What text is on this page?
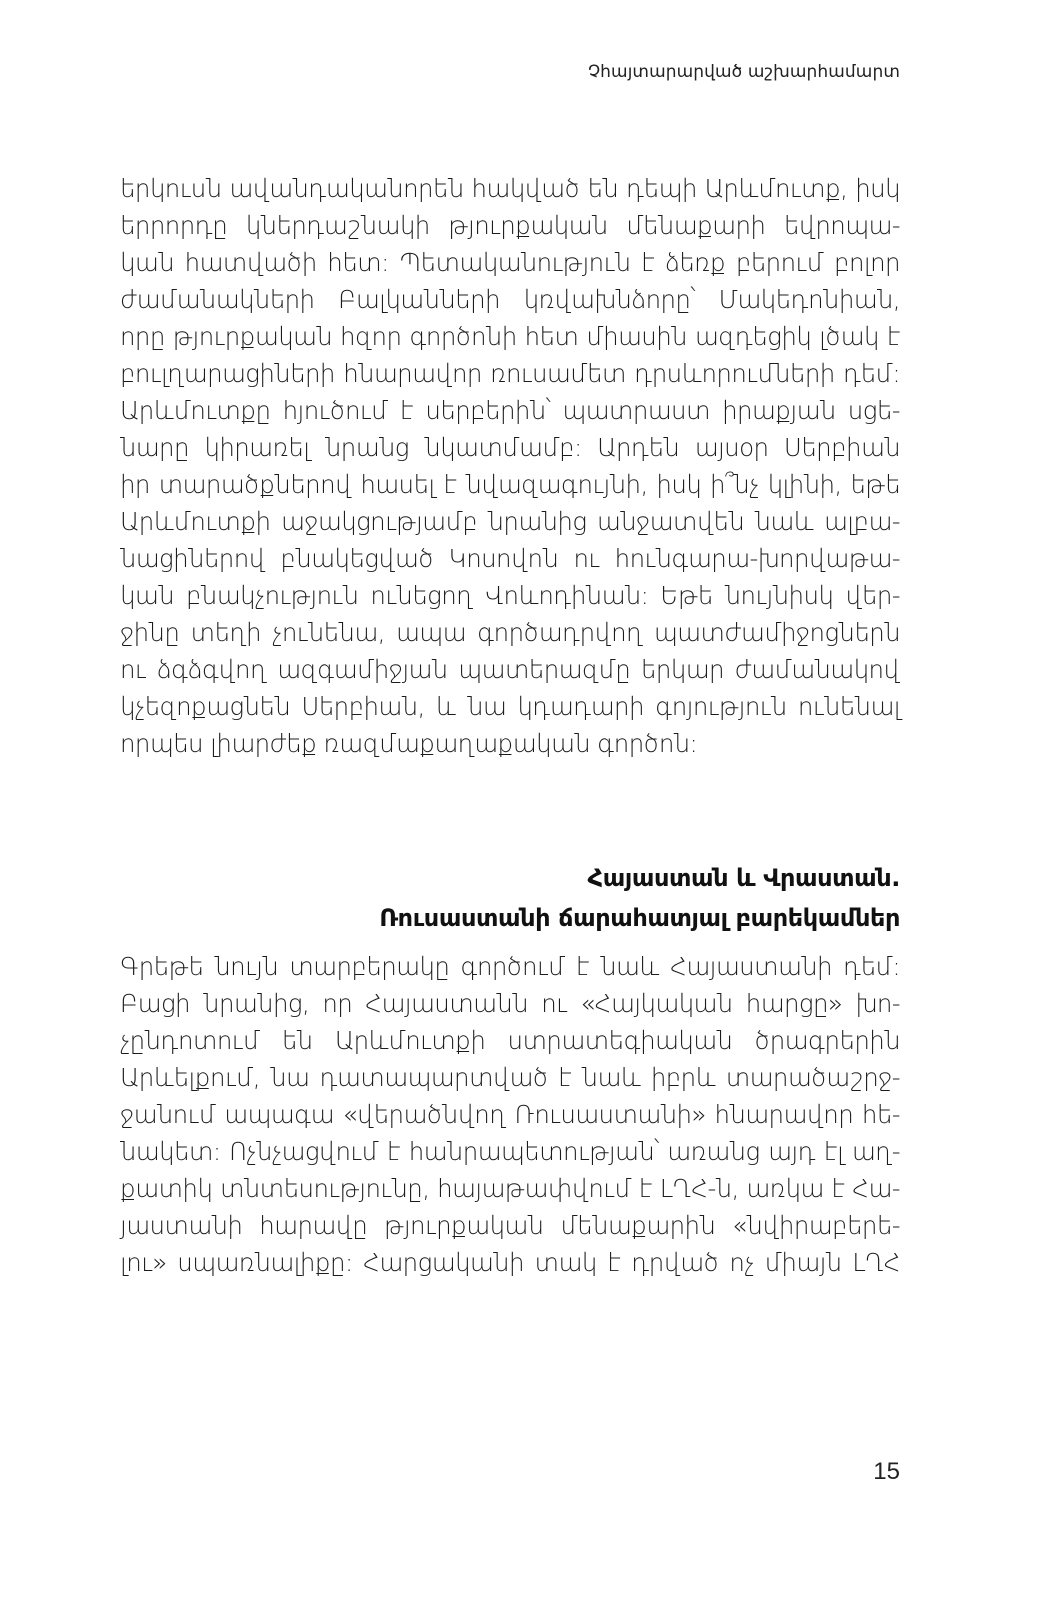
Չհայտարարված աշխարհամարտ
երկուսն ավանդականորեն հակված են դեպի Արևմուտք, իսկ
երրորդը կներդաշնակի թյուրքական մենաքարի եվրոպա-
կան հատվածի հետ։ Պետականություն է ձեռք բերում բոլոր
ժամանակների Բալկանների կռվախնձորը՝ Մակեդոնիան,
որը թյուրքական հզոր գործոնի հետ միասին ազդեցիկ լծակ է
բուլղարացիների հնարավոր ռուսամետ դրսևորումների դեմ։
Արևմուտքը հյուծում է սերբերին՝ պատրաստ իրաքյան սցե-
նարը կիրառել նրանց նկատմամբ։ Արդեն այսօր Սերբիան
իր տարածքներով հասել է նվազագույնի, իսկ ի՞նչ կլինի, եթե
Արևմուտքի աջակցությամբ նրանից անջատվեն նաև ալբա-
նացիներով բնակեցված Կոսովոն ու հունգարա-խորվաթա-
կան բնակչություն ունեցող Վոևոդինան։ Եթե նույնիսկ վեր-
ջինը տեղի չունենա, ապա գործադրվող պատժամիջոցներն
ու ձգձգվող ազգամիջյան պատերազմը երկար ժամանակով
կչեզոքացնեն Սերբիան, և նա կդադարի գոյություն ունենալ
որպես լիարժեք ռազմաքաղաքական գործոն։
Հայաստան և Վրաստան.
Ռուսաստանի ճարահատյալ բարեկամներ
Գրեթե նույն տարբերակը գործում է նաև Հայաստանի դեմ։
Բացի նրանից, որ Հայաստանն ու «Հայկական հարցը» խո-
չընդոտում են Արևմուտքի ստրատեգիական ծրագրերին
Արևելքում, նա դատապարտված է նաև իբրև տարածաշրջ-
ջանում ապագա «վերածնվող Ռուսաստանի» հնարավոր հե-
նակետ։ Ոչնչացվում է հանրապետության՝ առանց այդ էլ աղ-
քատիկ տնտեսությունը, հայաթափվում է ԼՂՀ-ն, առկա է Հա-
յաստանի հարավը թյուրքական մենաքարին «նվիրաբերե-
լու» սպառնալիքը։ Հարցականի տակ է դրված ոչ միայն ԼՂՀ
15
